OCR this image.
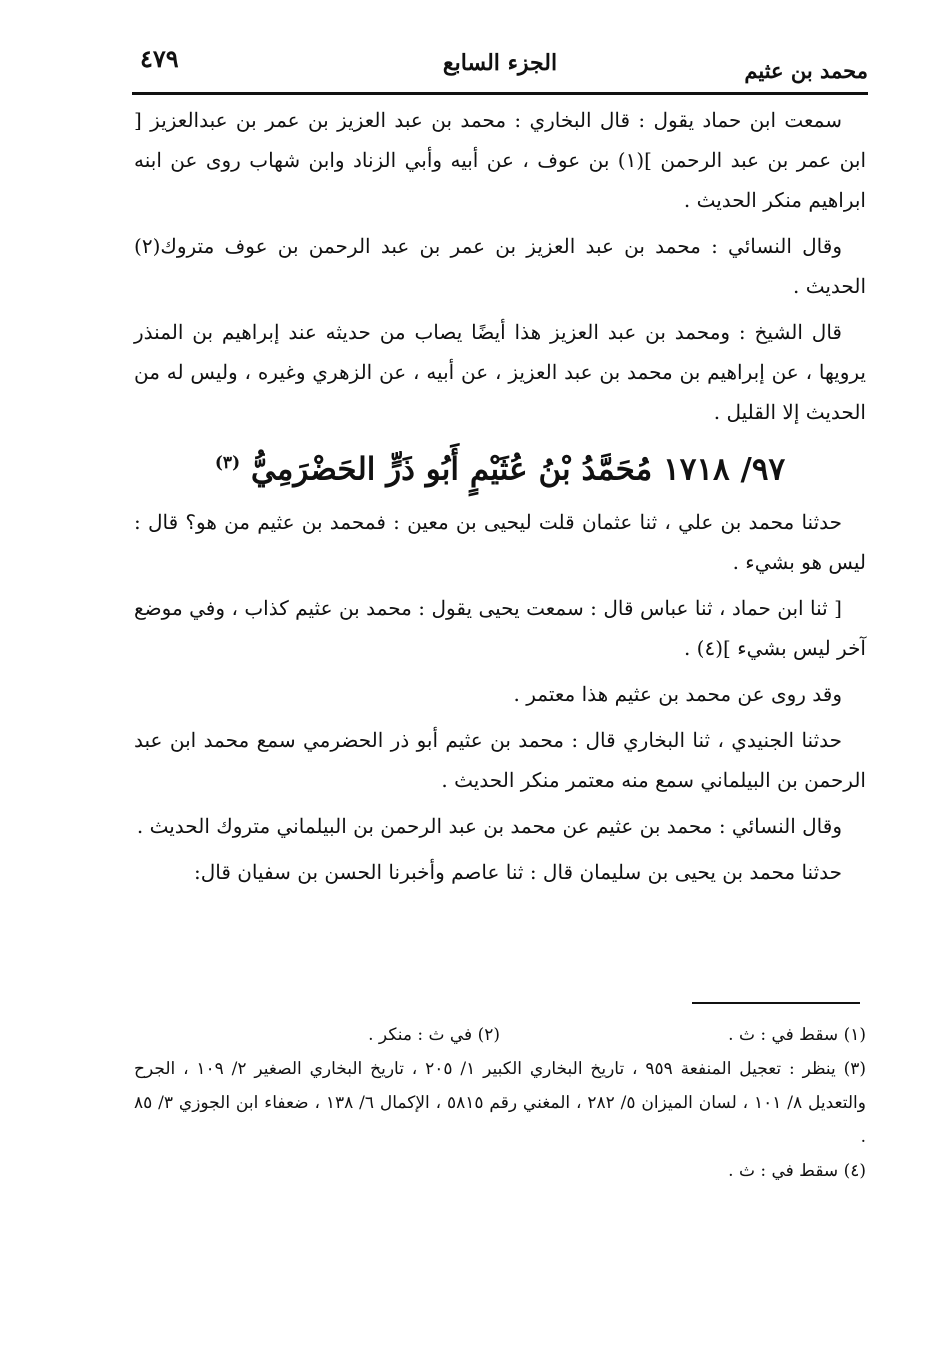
محمد بن عثيم
الجزء السابع
٤٧٩

سمعت ابن حماد يقول : قال البخاري : محمد بن عبد العزيز بن عمر بن عبدالعزيز [ ابن عمر بن عبد الرحمن ](١) بن عوف ، عن أبيه وأبي الزناد وابن شهاب روى عن ابنه ابراهيم منكر الحديث .

وقال النسائي : محمد بن عبد العزيز بن عمر بن عبد الرحمن بن عوف متروك(٢) الحديث .

قال الشيخ : ومحمد بن عبد العزيز هذا أيضًا يصاب من حديثه عند إبراهيم بن المنذر يرويها ، عن إبراهيم بن محمد بن عبد العزيز ، عن أبيه ، عن الزهري وغيره ، وليس له من الحديث إلا القليل .

٩٧/ ١٧١٨ مُحَمَّدُ بْنُ عُثَيْمٍ أَبُو ذَرٍّ الحَضْرَمِيُّ $^{(٣)}$

حدثنا محمد بن علي ، ثنا عثمان قلت ليحيى بن معين : فمحمد بن عثيم من هو؟ قال : ليس هو بشيء .

[ ثنا ابن حماد ، ثنا عباس قال : سمعت يحيى يقول : محمد بن عثيم كذاب ، وفي موضع آخر ليس بشيء ](٤) .

وقد روى عن محمد بن عثيم هذا معتمر .

حدثنا الجنيدي ، ثنا البخاري قال : محمد بن عثيم أبو ذر الحضرمي سمع محمد ابن عبد الرحمن بن البيلماني سمع منه معتمر منكر الحديث .

وقال النسائي : محمد بن عثيم عن محمد بن عبد الرحمن بن البيلماني متروك الحديث .

حدثنا محمد بن يحيى بن سليمان قال : ثنا عاصم وأخبرنا الحسن بن سفيان قال:

(١) سقط في : ث .
(٢) في ث : منكر .

(٣) ينظر : تعجيل المنفعة ٩٥٩ ، تاريخ البخاري الكبير ١/ ٢٠٥ ، تاريخ البخاري الصغير ٢/ ١٠٩ ، الجرح والتعديل ٨/ ١٠١ ، لسان الميزان ٥/ ٢٨٢ ، المغني رقم ٥٨١٥ ، الإكمال ٦/ ١٣٨ ، ضعفاء ابن الجوزي ٣/ ٨٥ .

(٤) سقط في : ث .
